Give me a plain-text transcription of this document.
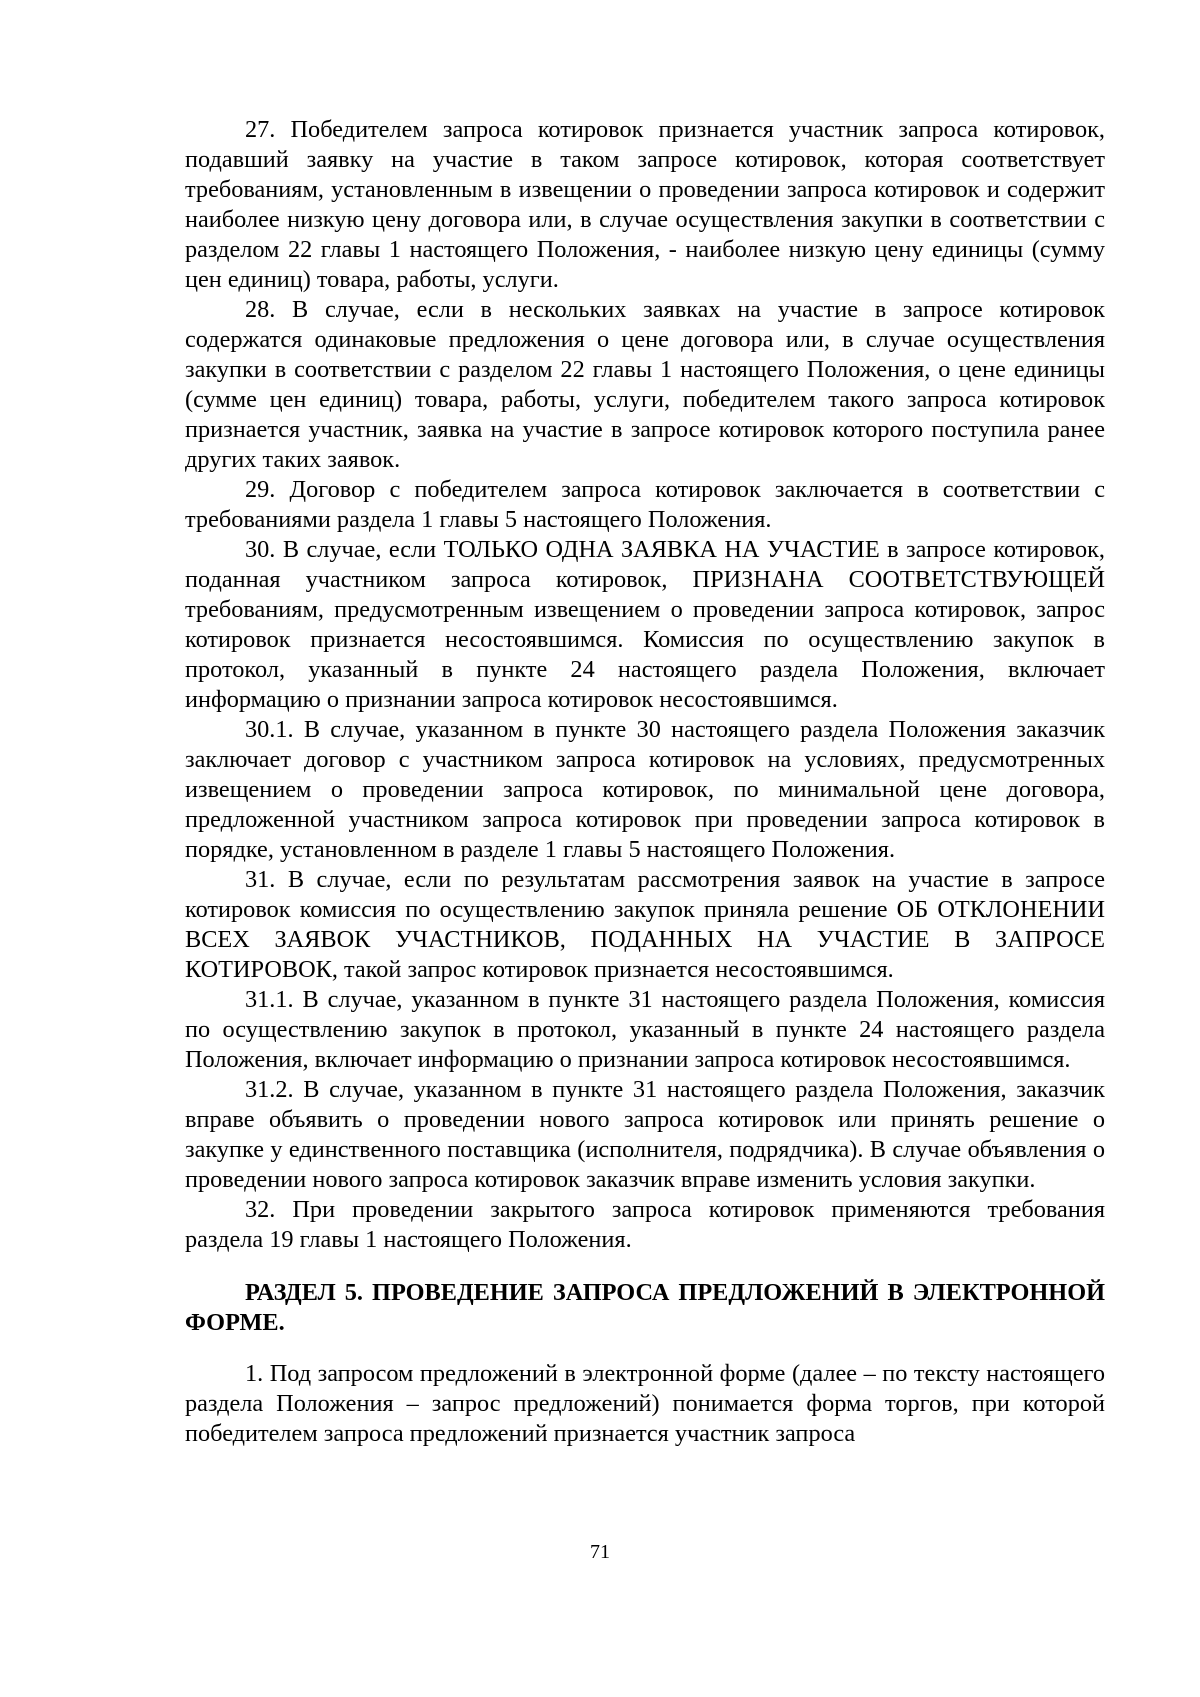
27. Победителем запроса котировок признается участник запроса котировок, подавший заявку на участие в таком запросе котировок, которая соответствует требованиям, установленным в извещении о проведении запроса котировок и содержит наиболее низкую цену договора или, в случае осуществления закупки в соответствии с разделом 22 главы 1 настоящего Положения, - наиболее низкую цену единицы (сумму цен единиц) товара, работы, услуги.

28. В случае, если в нескольких заявках на участие в запросе котировок содержатся одинаковые предложения о цене договора или, в случае осуществления закупки в соответствии с разделом 22 главы 1 настоящего Положения, о цене единицы (сумме цен единиц) товара, работы, услуги, победителем такого запроса котировок признается участник, заявка на участие в запросе котировок которого поступила ранее других таких заявок.

29. Договор с победителем запроса котировок заключается в соответствии с требованиями раздела 1 главы 5 настоящего Положения.

30. В случае, если ТОЛЬКО ОДНА ЗАЯВКА НА УЧАСТИЕ в запросе котировок, поданная участником запроса котировок, ПРИЗНАНА СООТВЕТСТВУЮЩЕЙ требованиям, предусмотренным извещением о проведении запроса котировок, запрос котировок признается несостоявшимся. Комиссия по осуществлению закупок в протокол, указанный в пункте 24 настоящего раздела Положения, включает информацию о признании запроса котировок несостоявшимся.

30.1. В случае, указанном в пункте 30 настоящего раздела Положения заказчик заключает договор с участником запроса котировок на условиях, предусмотренных извещением о проведении запроса котировок, по минимальной цене договора, предложенной участником запроса котировок при проведении запроса котировок в порядке, установленном в разделе 1 главы 5 настоящего Положения.

31. В случае, если по результатам рассмотрения заявок на участие в запросе котировок комиссия по осуществлению закупок приняла решение ОБ ОТКЛОНЕНИИ ВСЕХ ЗАЯВОК УЧАСТНИКОВ, ПОДАННЫХ НА УЧАСТИЕ В ЗАПРОСЕ КОТИРОВОК, такой запрос котировок признается несостоявшимся.

31.1. В случае, указанном в пункте 31 настоящего раздела Положения, комиссия по осуществлению закупок в протокол, указанный в пункте 24 настоящего раздела Положения, включает информацию о признании запроса котировок несостоявшимся.

31.2. В случае, указанном в пункте 31 настоящего раздела Положения, заказчик вправе объявить о проведении нового запроса котировок или принять решение о закупке у единственного поставщика (исполнителя, подрядчика). В случае объявления о проведении нового запроса котировок заказчик вправе изменить условия закупки.

32. При проведении закрытого запроса котировок применяются требования раздела 19 главы 1 настоящего Положения.

РАЗДЕЛ 5. ПРОВЕДЕНИЕ ЗАПРОСА ПРЕДЛОЖЕНИЙ В ЭЛЕКТРОННОЙ ФОРМЕ.

1. Под запросом предложений в электронной форме (далее – по тексту настоящего раздела Положения – запрос предложений) понимается форма торгов, при которой победителем запроса предложений признается участник запроса

71
